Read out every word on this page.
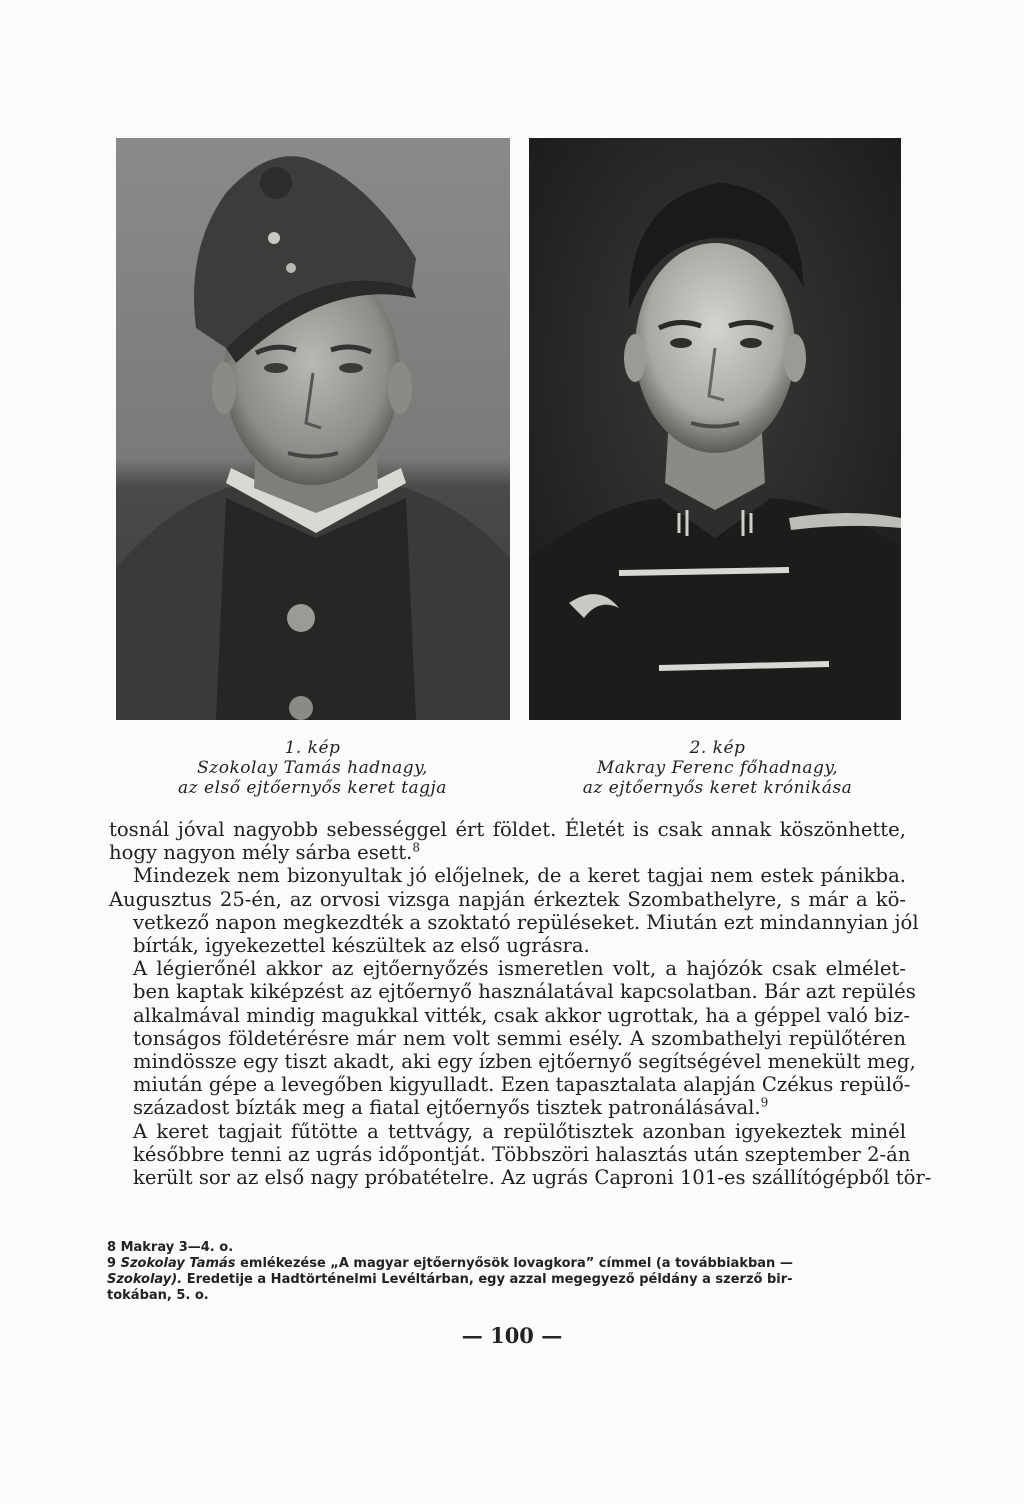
1. kép
Szokolay Tamás hadnagy,
az első ejtőernyős keret tagja
2. kép
Makray Ferenc főhadnagy,
az ejtőernyős keret krónikása

tosnál jóval nagyobb sebességgel ért földet. Életét is csak annak köszönhette,
hogy nagyon mély sárba esett.$^8$

Mindezek nem bizonyultak jó előjelnek, de a keret tagjai nem estek pánikba.
Augusztus 25-én, az orvosi vizsga napján érkeztek Szombathelyre, s már a kö-
vetkező napon megkezdték a szoktató repüléseket. Miután ezt mindannyian jól
bírták, igyekezettel készültek az első ugrásra.

A légierőnél akkor az ejtőernyőzés ismeretlen volt, a hajózók csak elmélet-
ben kaptak kiképzést az ejtőernyő használatával kapcsolatban. Bár azt repülés
alkalmával mindig magukkal vitték, csak akkor ugrottak, ha a géppel való biz-
tonságos földetérésre már nem volt semmi esély. A szombathelyi repülőtéren
mindössze egy tiszt akadt, aki egy ízben ejtőernyő segítségével menekült meg,
miután gépe a levegőben kigyulladt. Ezen tapasztalata alapján Czékus repülő-
századost bízták meg a fiatal ejtőernyős tisztek patronálásával.$^9$

A keret tagjait fűtötte a tettvágy, a repülőtisztek azonban igyekeztek minél
későbbre tenni az ugrás időpontját. Többszöri halasztás után szeptember 2-án
került sor az első nagy próbatételre. Az ugrás Caproni 101-es szállítógépből tör-

8 Makray 3—4. o.
9 Szokolay Tamás emlékezése „A magyar ejtőernyősök lovagkora” címmel (a továbbiakban —
Szokolay). Eredetije a Hadtörténelmi Levéltárban, egy azzal megegyező példány a szerző bir-
tokában, 5. o.
— 100 —
